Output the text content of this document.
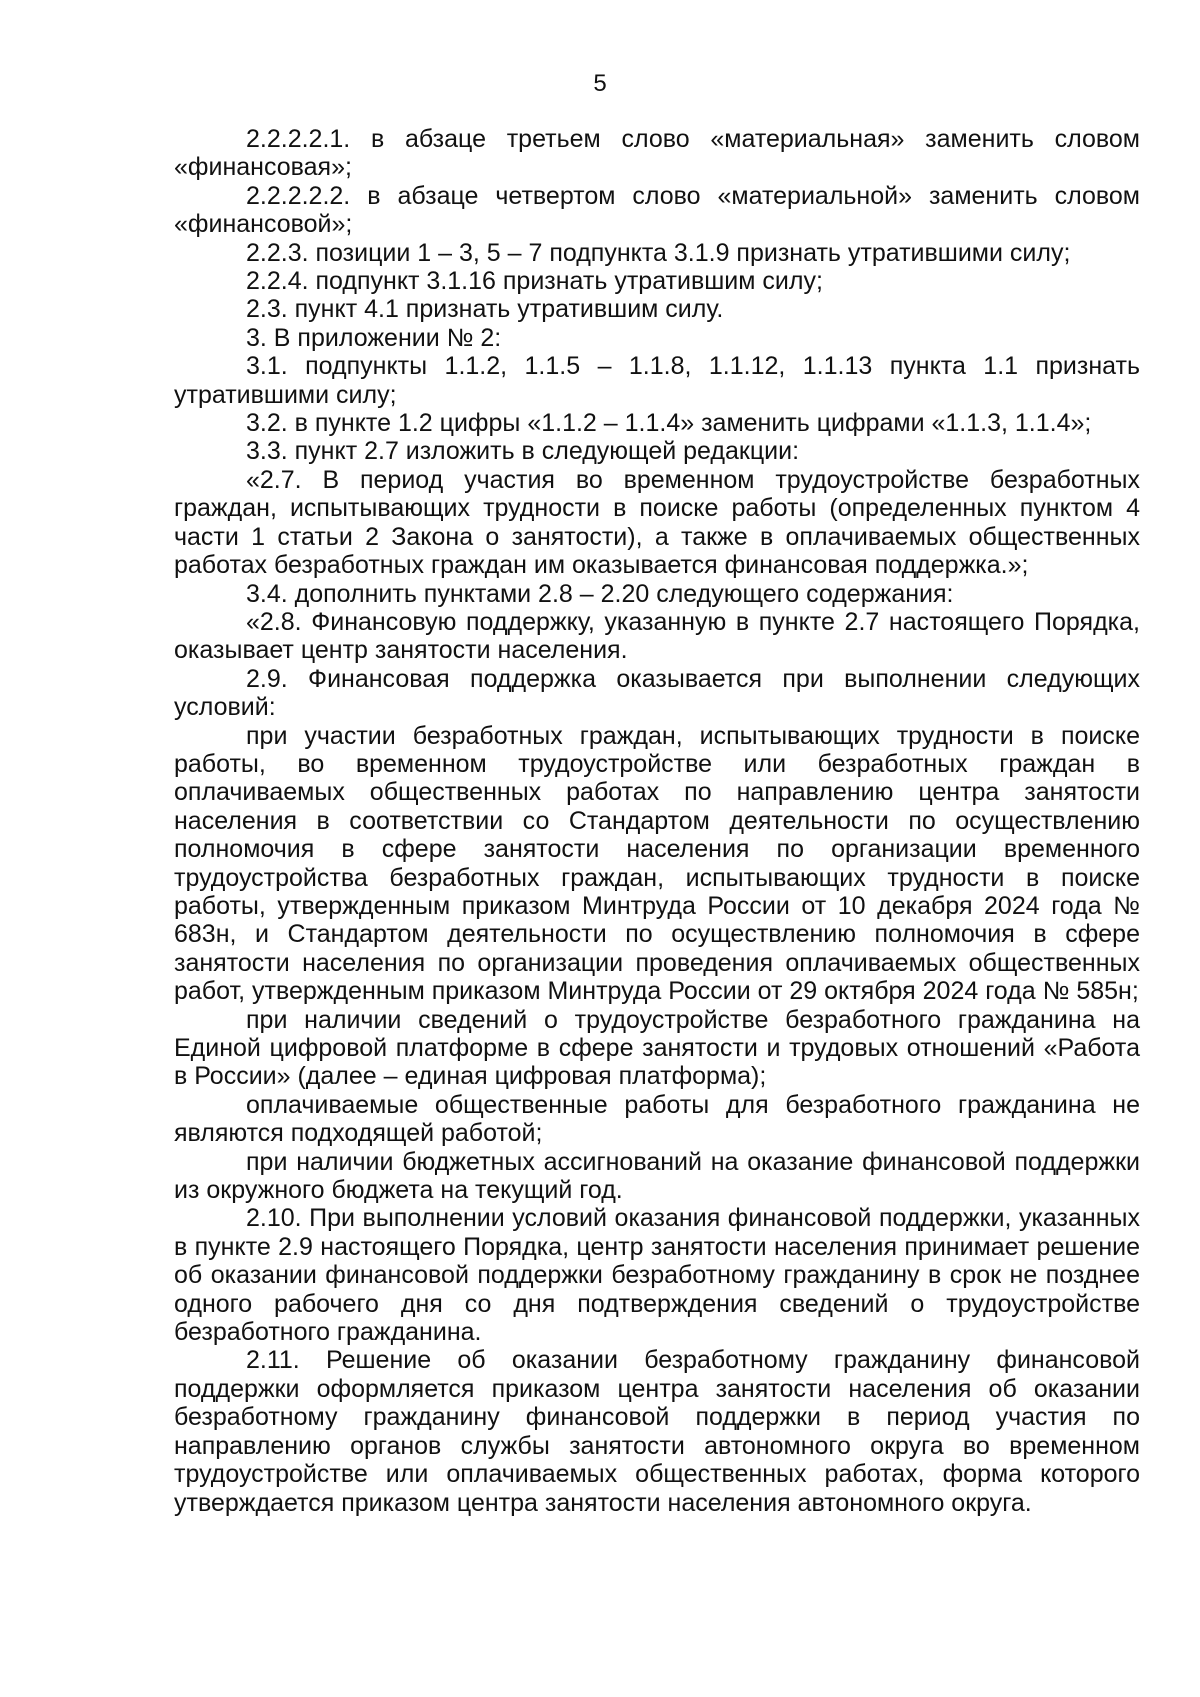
5

2.2.2.2.1. в абзаце третьем слово «материальная» заменить словом «финансовая»;

2.2.2.2.2. в абзаце четвертом слово «материальной» заменить словом «финансовой»;

2.2.3. позиции 1 – 3, 5 – 7 подпункта 3.1.9 признать утратившими силу;

2.2.4. подпункт 3.1.16 признать утратившим силу;

2.3. пункт 4.1 признать утратившим силу.

3. В приложении № 2:

3.1. подпункты 1.1.2, 1.1.5 – 1.1.8, 1.1.12, 1.1.13 пункта 1.1 признать утратившими силу;

3.2. в пункте 1.2 цифры «1.1.2 – 1.1.4» заменить цифрами «1.1.3, 1.1.4»;

3.3. пункт 2.7 изложить в следующей редакции:

«2.7. В период участия во временном трудоустройстве безработных граждан, испытывающих трудности в поиске работы (определенных пунктом 4 части 1 статьи 2 Закона о занятости), а также в оплачиваемых общественных работах безработных граждан им оказывается финансовая поддержка.»;

3.4. дополнить пунктами 2.8 – 2.20 следующего содержания:

«2.8. Финансовую поддержку, указанную в пункте 2.7 настоящего Порядка, оказывает центр занятости населения.

2.9. Финансовая поддержка оказывается при выполнении следующих условий:

при участии безработных граждан, испытывающих трудности в поиске работы, во временном трудоустройстве или безработных граждан в оплачиваемых общественных работах по направлению центра занятости населения в соответствии со Стандартом деятельности по осуществлению полномочия в сфере занятости населения по организации временного трудоустройства безработных граждан, испытывающих трудности в поиске работы, утвержденным приказом Минтруда России от 10 декабря 2024 года № 683н, и Стандартом деятельности по осуществлению полномочия в сфере занятости населения по организации проведения оплачиваемых общественных работ, утвержденным приказом Минтруда России от 29 октября 2024 года № 585н;

при наличии сведений о трудоустройстве безработного гражданина на Единой цифровой платформе в сфере занятости и трудовых отношений «Работа в России» (далее – единая цифровая платформа);

оплачиваемые общественные работы для безработного гражданина не являются подходящей работой;

при наличии бюджетных ассигнований на оказание финансовой поддержки из окружного бюджета на текущий год.

2.10. При выполнении условий оказания финансовой поддержки, указанных в пункте 2.9 настоящего Порядка, центр занятости населения принимает решение об оказании финансовой поддержки безработному гражданину в срок не позднее одного рабочего дня со дня подтверждения сведений о трудоустройстве безработного гражданина.

2.11. Решение об оказании безработному гражданину финансовой поддержки оформляется приказом центра занятости населения об оказании безработному гражданину финансовой поддержки в период участия по направлению органов службы занятости автономного округа во временном трудоустройстве или оплачиваемых общественных работах, форма которого утверждается приказом центра занятости населения автономного округа.
